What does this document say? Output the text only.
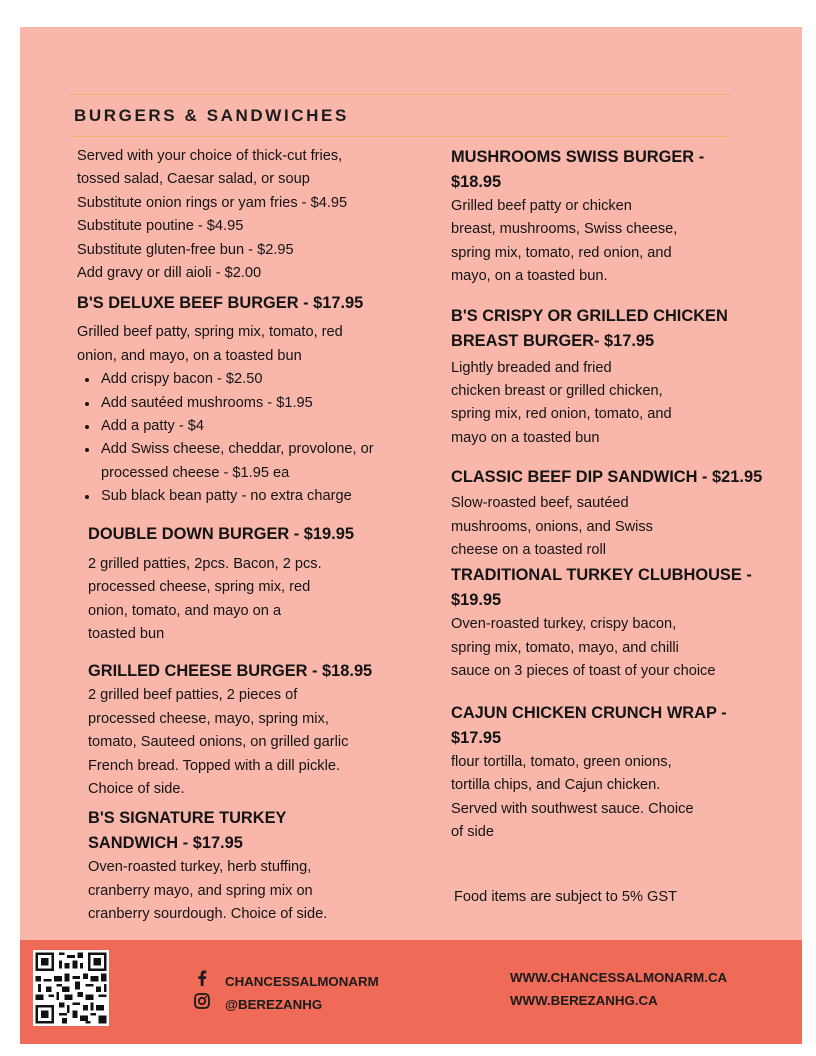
BURGERS & SANDWICHES

Served with your choice of thick-cut fries,

tossed salad, Caesar salad, or soup

Substitute onion rings or yam fries - $4.95

Substitute poutine - $4.95

Substitute gluten-free bun - $2.95

Add gravy or dill aioli - $2.00

B'S DELUXE BEEF BURGER - $17.95

Grilled beef patty, spring mix, tomato, red

onion, and mayo, on a toasted bun

• Add crispy bacon - $2.50
• Add sautéed mushrooms - $1.95
• Add a patty - $4
• Add Swiss cheese, cheddar, provolone, or processed cheese - $1.95 ea
• Sub black bean patty - no extra charge
DOUBLE DOWN BURGER - $19.95

2 grilled patties, 2pcs. Bacon, 2 pcs.

processed cheese, spring mix, red

onion, tomato, and mayo on a

toasted bun

GRILLED CHEESE BURGER - $18.95

2 grilled beef patties, 2 pieces of

processed cheese, mayo, spring mix,

tomato, Sauteed onions, on grilled garlic

French bread. Topped with a dill pickle.

Choice of side.

B'S SIGNATURE TURKEY
SANDWICH - $17.95

Oven-roasted turkey, herb stuffing,

cranberry mayo, and spring mix on

cranberry sourdough. Choice of side.

MUSHROOMS SWISS BURGER -
$18.95

Grilled beef patty or chicken

breast, mushrooms, Swiss cheese,

spring mix, tomato, red onion, and

mayo, on a toasted bun.

B'S CRISPY OR GRILLED CHICKEN
BREAST BURGER- $17.95

Lightly breaded and fried

chicken breast or grilled chicken,

spring mix, red onion, tomato, and

mayo on a toasted bun

CLASSIC BEEF DIP SANDWICH - $21.95

Slow-roasted beef, sautéed

mushrooms, onions, and Swiss

cheese on a toasted roll

TRADITIONAL TURKEY CLUBHOUSE -
$19.95

Oven-roasted turkey, crispy bacon,

spring mix, tomato, mayo, and chilli

sauce on 3 pieces of toast of your choice

CAJUN CHICKEN CRUNCH WRAP -
$17.95

flour tortilla, tomato, green onions,

tortilla chips, and Cajun chicken.

Served with southwest sauce. Choice

of side

Food items are subject to 5% GST

CHANCESSALMONARM
@BEREZANHG
WWW.CHANCESSALMONARM.CA
WWW.BEREZANHG.CA
